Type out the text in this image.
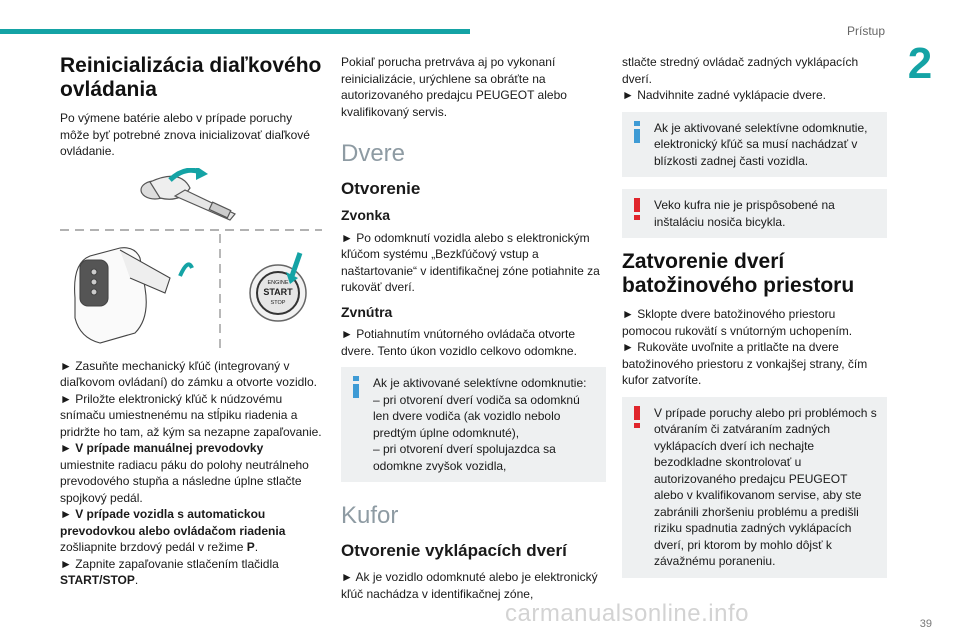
Prístup
2
Reinicializácia diaľkového ovládania

Po výmene batérie alebo v prípade poruchy môže byť potrebné znova inicializovať diaľkové ovládanie.

ENGINE
START
STOP

► Zasuňte mechanický kľúč (integrovaný v diaľkovom ovládaní) do zámku a otvorte vozidlo.

► Priložte elektronický kľúč k núdzovému snímaču umiestnenému na stĺpiku riadenia a pridržte ho tam, až kým sa nezapne zapaľovanie.

► V prípade manuálnej prevodovky
umiestnite radiacu páku do polohy neutrálneho prevodového stupňa a následne úplne stlačte spojkový pedál.

► V prípade vozidla s automatickou prevodovkou alebo ovládačom riadenia
zošliapnite brzdový pedál v režime P.

► Zapnite zapaľovanie stlačením tlačidla
START/STOP.

Pokiaľ porucha pretrváva aj po vykonaní reinicializácie, urýchlene sa obráťte na autorizovaného predajcu PEUGEOT alebo kvalifikovaný servis.

Dvere
Otvorenie
Zvonka

► Po odomknutí vozidla alebo s elektronickým kľúčom systému „Bezkľúčový vstup a naštartovanie“ v identifikačnej zóne potiahnite za rukoväť dverí.

Zvnútra

► Potiahnutím vnútorného ovládača otvorte dvere. Tento úkon vozidlo celkovo odomkne.

Ak je aktivované selektívne odomknutie:
– pri otvorení dverí vodiča sa odomknú len dvere vodiča (ak vozidlo nebolo predtým úplne odomknuté),
– pri otvorení dverí spolujazdca sa odomkne zvyšok vozidla,
Kufor
Otvorenie vyklápacích dverí

► Ak je vozidlo odomknuté alebo je elektronický kľúč nachádza v identifikačnej zóne,

stlačte stredný ovládač zadných vyklápacích dverí.

► Nadvihnite zadné vyklápacie dvere.

Ak je aktivované selektívne odomknutie, elektronický kľúč sa musí nachádzať v blízkosti zadnej časti vozidla.
Veko kufra nie je prispôsobené na inštaláciu nosiča bicykla.
Zatvorenie dverí batožinového priestoru

► Sklopte dvere batožinového priestoru pomocou rukovätí s vnútorným uchopením.

► Rukoväte uvoľnite a pritlačte na dvere batožinového priestoru z vonkajšej strany, čím kufor zatvoríte.

V prípade poruchy alebo pri problémoch s otváraním či zatváraním zadných vyklápacích dverí ich nechajte bezodkladne skontrolovať u autorizovaného predajcu PEUGEOT alebo v kvalifikovanom servise, aby ste zabránili zhoršeniu problému a predišli riziku spadnutia zadných vyklápacích dverí, pri ktorom by mohlo dôjsť k závažnému poraneniu.
carmanualsonline.info	39
